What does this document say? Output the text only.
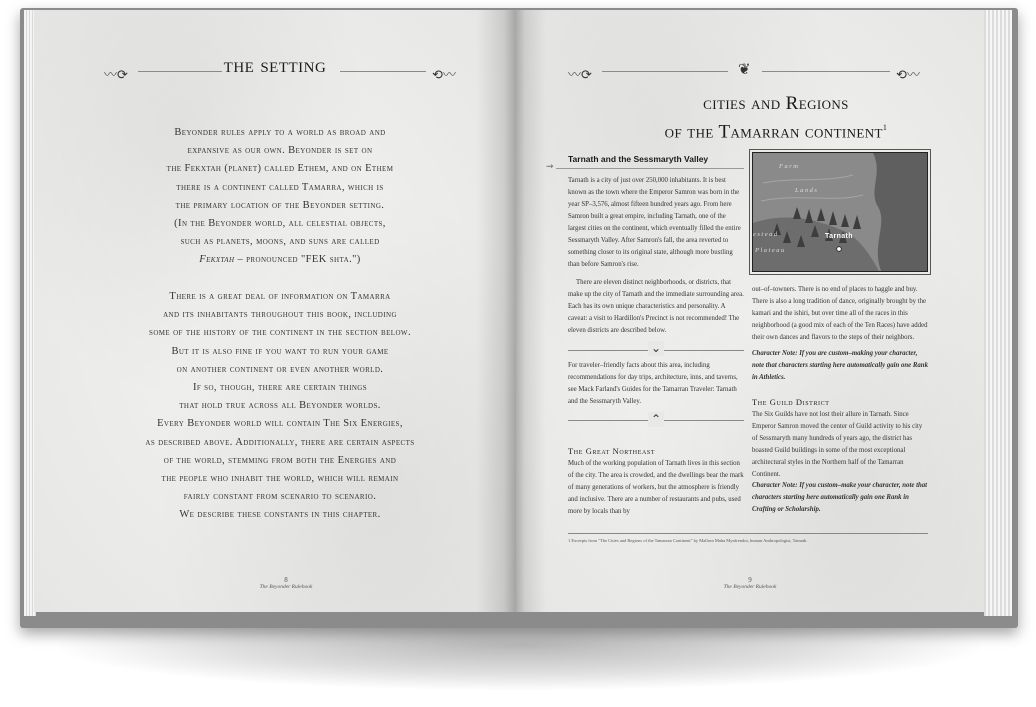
〰⟳	the setting	⟲〰
Beyonder rules apply to a world as broad and
expansive as our own. Beyonder is set on
the Fekxtah (planet) called Ethem, and on Ethem
there is a continent called Tamarra, which is
the primary location of the Beyonder setting.
(In the Beyonder world, all celestial objects,
such as planets, moons, and suns are called
Fekxtah – pronounced "FEK shta.")
There is a great deal of information on Tamarra
and its inhabitants throughout this book, including
some of the history of the continent in the section below.
But it is also fine if you want to run your game
on another continent or even another world.
If so, though, there are certain things
that hold true across all Beyonder worlds.
Every Beyonder world will contain The Six Energies,
as described above. Additionally, there are certain aspects
of the world, stemming from both the Energies and
the people who inhabit the world, which will remain
fairly constant from scenario to scenario.
We describe these constants in this chapter.
8
The Beyonder Rulebook
〰⟳	❦	⟲〰
cities and Regions
of the Tamarran continent$^1$
Tarnath and the Sessmaryth Valley
⇾
Tarnath is a city of just over 250,000 inhabitants. It is best known as the town where the Emperor Samron was born in the year SP–3,576, almost fifteen hundred years ago. From here Samron built a great empire, including Tarnath, one of the largest cities on the continent, which eventually filled the entire Sessmaryth Valley. After Samron's fall, the area reverted to something closer to its original state, although more bustling than before Samron's rise.
There are eleven distinct neighborhoods, or districts, that make up the city of Tarnath and the immediate surrounding area. Each has its own unique characteristics and personality. A caveat: a visit to Hardillon's Precinct is not recommended! The eleven districts are described below.
⌄
For traveler–friendly facts about this area, including recommendations for day trips, architecture, inns, and taverns, see Mack Farland's Guides for the Tamarran Traveler: Tarnath and the Sessmaryth Valley.
⌃
The Great Northeast
Much of the working population of Tarnath lives in this section of the city. The area is crowded, and the dwellings bear the mark of many generations of workers, but the atmosphere is friendly and inclusive. There are a number of restaurants and pubs, used more by locals than by
Farm
Lands
estead
Plateau
Tarnath
out–of–towners. There is no end of places to haggle and buy. There is also a long tradition of dance, originally brought by the kamari and the ishiri, but over time all of the races in this neighborhood (a good mix of each of the Ten Races) have added their own dances and flavors to the steps of their neighbors.
Character Note: If you are custom–making your character, note that characters starting here automatically gain one Rank in Athletics.
The Guild District
The Six Guilds have not lost their allure in Tarnath. Since Emperor Samron moved the center of Guild activity to his city of Sessmaryth many hundreds of years ago, the district has boasted Guild buildings in some of the most exceptional architectural styles in the Northern half of the Tamarran Continent.
Character Note: If you custom–make your character, note that characters starting here automatically gain one Rank in Crafting or Scholarship.
1 Excerpts from "The Cities and Regions of the Tamarran Continent" by Mallorn Maha Mynfrendor, human Anthropologist, Tarnath.
9
The Beyonder Rulebook
